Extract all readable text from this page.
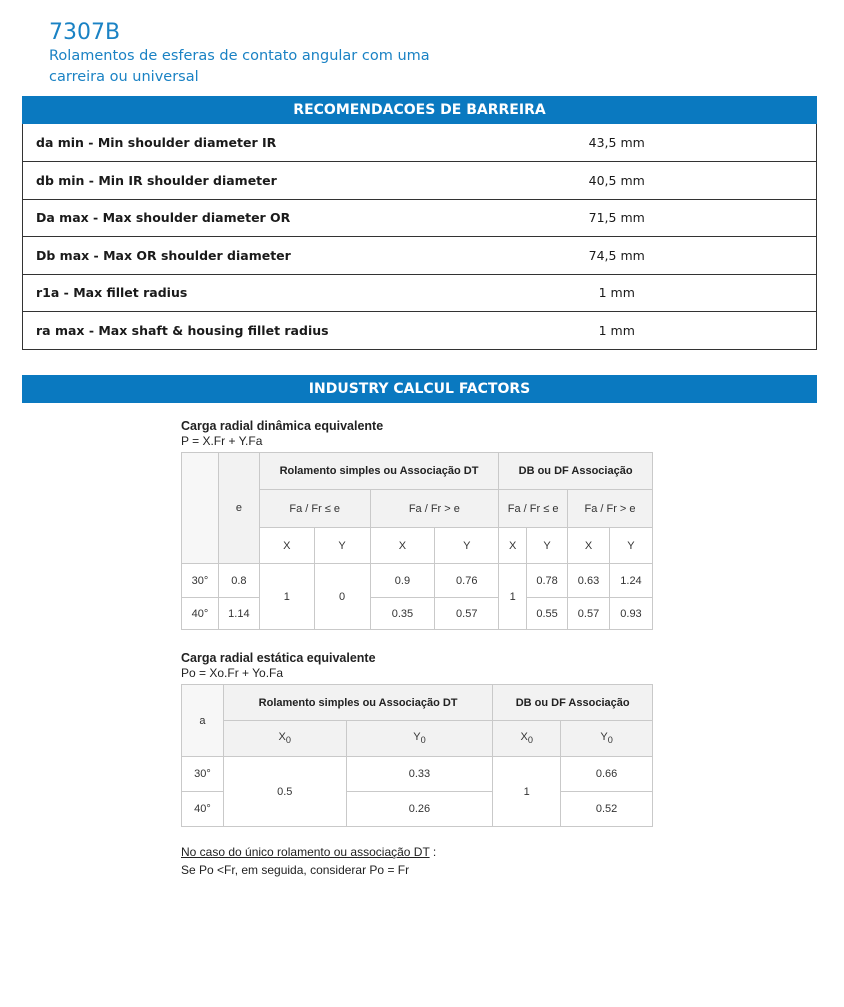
7307B
Rolamentos de esferas de contato angular com uma carreira ou universal
RECOMENDACOES DE BARREIRA
da min - Min shoulder diameter IR	43,5 mm
db min - Min IR shoulder diameter	40,5 mm
Da max - Max shoulder diameter OR	71,5 mm
Db max - Max OR shoulder diameter	74,5 mm
r1a - Max fillet radius	1 mm
ra max - Max shaft & housing fillet radius	1 mm
INDUSTRY CALCUL FACTORS
Carga radial dinâmica equivalente
P = X.Fr + Y.Fa
	e	Rolamento simples ou Associação DT				DB ou DF Associação			
		Fa / Fr ≤ e		Fa / Fr > e		Fa / Fr ≤ e		Fa / Fr > e	
		X	Y	X	Y	X	Y	X	Y
30°	0.8	1	0	0.9	0.76	1	0.78	0.63	1.24
40°	1.14			0.35	0.57		0.55	0.57	0.93
Carga radial estática equivalente
Po = Xo.Fr + Yo.Fa
a	Rolamento simples ou Associação DT		DB ou DF Associação	
	$X_0$	$Y_0$	$X_0$	$Y_0$
30°	0.5	0.33	1	0.66
40°		0.26		0.52
No caso do único rolamento ou associação DT :
Se Po <Fr, em seguida, considerar Po = Fr
